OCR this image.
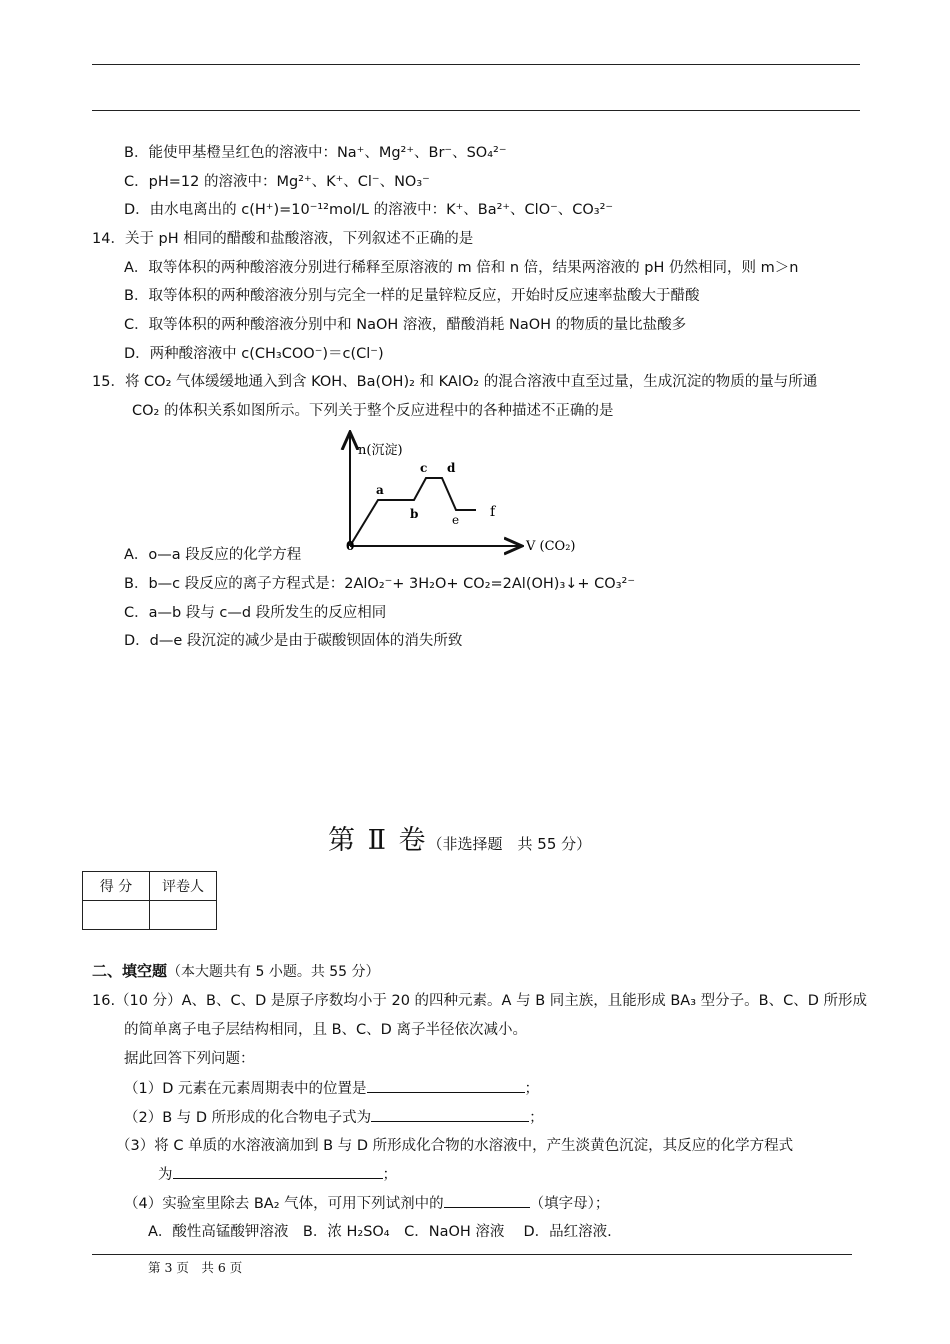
B．能使甲基橙呈红色的溶液中：Na⁺、Mg²⁺、Br⁻、SO₄²⁻
C．pH=12 的溶液中：Mg²⁺、K⁺、Cl⁻、NO₃⁻
D．由水电离出的 c(H⁺)=10⁻¹²mol/L 的溶液中：K⁺、Ba²⁺、ClO⁻、CO₃²⁻
14．关于 pH 相同的醋酸和盐酸溶液，下列叙述不正确的是
A．取等体积的两种酸溶液分别进行稀释至原溶液的 m 倍和 n 倍，结果两溶液的 pH 仍然相同，则 m＞n
B．取等体积的两种酸溶液分别与完全一样的足量锌粒反应，开始时反应速率盐酸大于醋酸
C．取等体积的两种酸溶液分别中和 NaOH 溶液，醋酸消耗 NaOH 的物质的量比盐酸多
D．两种酸溶液中 c(CH₃COO⁻)＝c(Cl⁻)
15．将 CO₂ 气体缓缓地通入到含 KOH、Ba(OH)₂ 和 KAlO₂ 的混合溶液中直至过量，生成沉淀的物质的量与所通
CO₂ 的体积关系如图所示。下列关于整个反应进程中的各种描述不正确的是
n(沉淀)
V (CO₂)
0
a
b
c d
e f
A．o—a 段反应的化学方程
B．b—c 段反应的离子方程式是：2AlO₂⁻+ 3H₂O+ CO₂=2Al(OH)₃↓+ CO₃²⁻
C．a—b 段与 c—d 段所发生的反应相同
D．d—e 段沉淀的减少是由于碳酸钡固体的消失所致
第 Ⅱ 卷（非选择题　共 55 分）
得 分	评卷人

二、填空题（本大题共有 5 小题。共 55 分）
16.（10 分）A、B、C、D 是原子序数均小于 20 的四种元素。A 与 B 同主族，且能形成 BA₃ 型分子。B、C、D 所形成
的简单离子电子层结构相同，且 B、C、D 离子半径依次减小。
据此回答下列问题：
（1）D 元素在元素周期表中的位置是	；
（2）B 与 D 所形成的化合物电子式为	；
（3）将 C 单质的水溶液滴加到 B 与 D 所形成化合物的水溶液中，产生淡黄色沉淀，其反应的化学方程式
为	；
（4）实验室里除去 BA₂ 气体，可用下列试剂中的	（填字母）；
A．酸性高锰酸钾溶液　B．浓 H₂SO₄　C．NaOH 溶液　 D．品红溶液.
第 3 页　共 6 页
